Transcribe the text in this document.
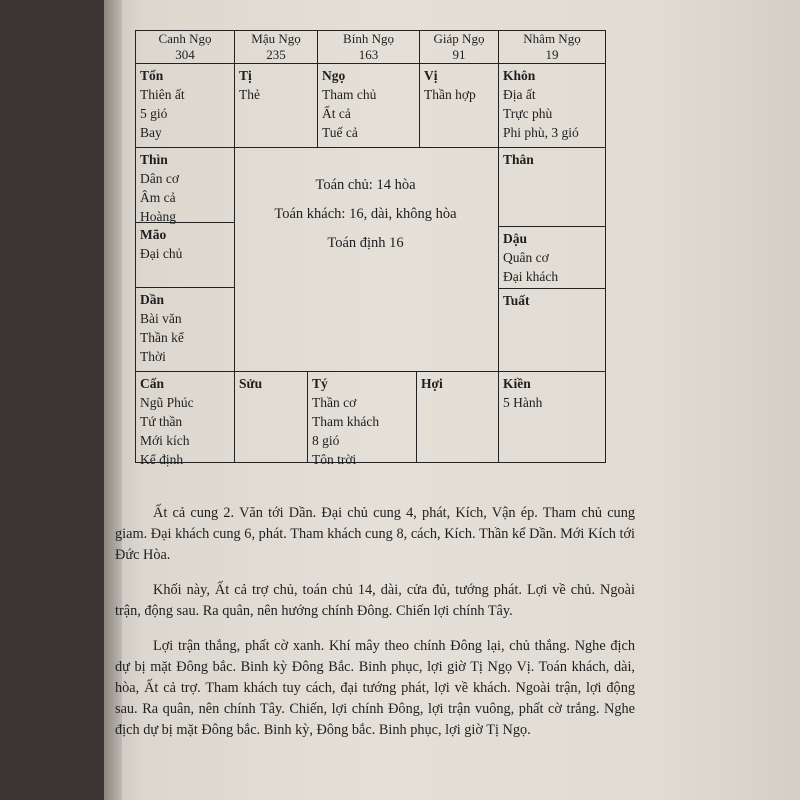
Canh Ngọ
304
Mậu Ngọ
235
Bính Ngọ
163
Giáp Ngọ
91
Nhâm Ngọ
19
Tốn
Thiên ất
5 gió
Bay
Tị
Thẻ
Ngọ
Tham chủ
Ất cả
Tuế cả
Vị
Thần hợp
Khôn
Địa ất
Trực phù
Phi phù, 3 gió
Thìn
Dân cơ
Âm cả
Hoàng
Mão
Đại chủ
Dần
Bài văn
Thần kể
Thời
Thân
Dậu
Quân cơ
Đại khách
Tuất
Toán chủ: 14 hòa
Toán khách: 16, dài, không hòa
Toán định 16
Cấn
Ngũ Phúc
Tứ thần
Mới kích
Kể định
Sửu	Tý
Thần cơ
Tham khách
8 gió
Tôn trời
Hợi	Kiền
5 Hành

Ất cả cung 2. Văn tới Dần. Đại chủ cung 4, phát, Kích, Vận ép. Tham chủ cung giam. Đại khách cung 6, phát. Tham khách cung 8, cách, Kích. Thần kể Dần. Mới Kích tới Đức Hòa.

Khối này, Ất cả trợ chủ, toán chủ 14, dài, cửa đủ, tướng phát. Lợi về chủ. Ngoài trận, động sau. Ra quân, nên hướng chính Đông. Chiến lợi chính Tây.

Lợi trận thắng, phất cờ xanh. Khí mây theo chính Đông lại, chủ thắng. Nghe địch dự bị mặt Đông bắc. Binh kỳ Đông Bắc. Binh phục, lợi giờ Tị Ngọ Vị. Toán khách, dài, hòa, Ất cả trợ. Tham khách tuy cách, đại tướng phát, lợi về khách. Ngoài trận, lợi động sau. Ra quân, nên chính Tây. Chiến, lợi chính Đông, lợi trận vuông, phất cờ trắng. Nghe địch dự bị mặt Đông bắc. Binh kỳ, Đông bắc. Binh phục, lợi giờ Tị Ngọ.
